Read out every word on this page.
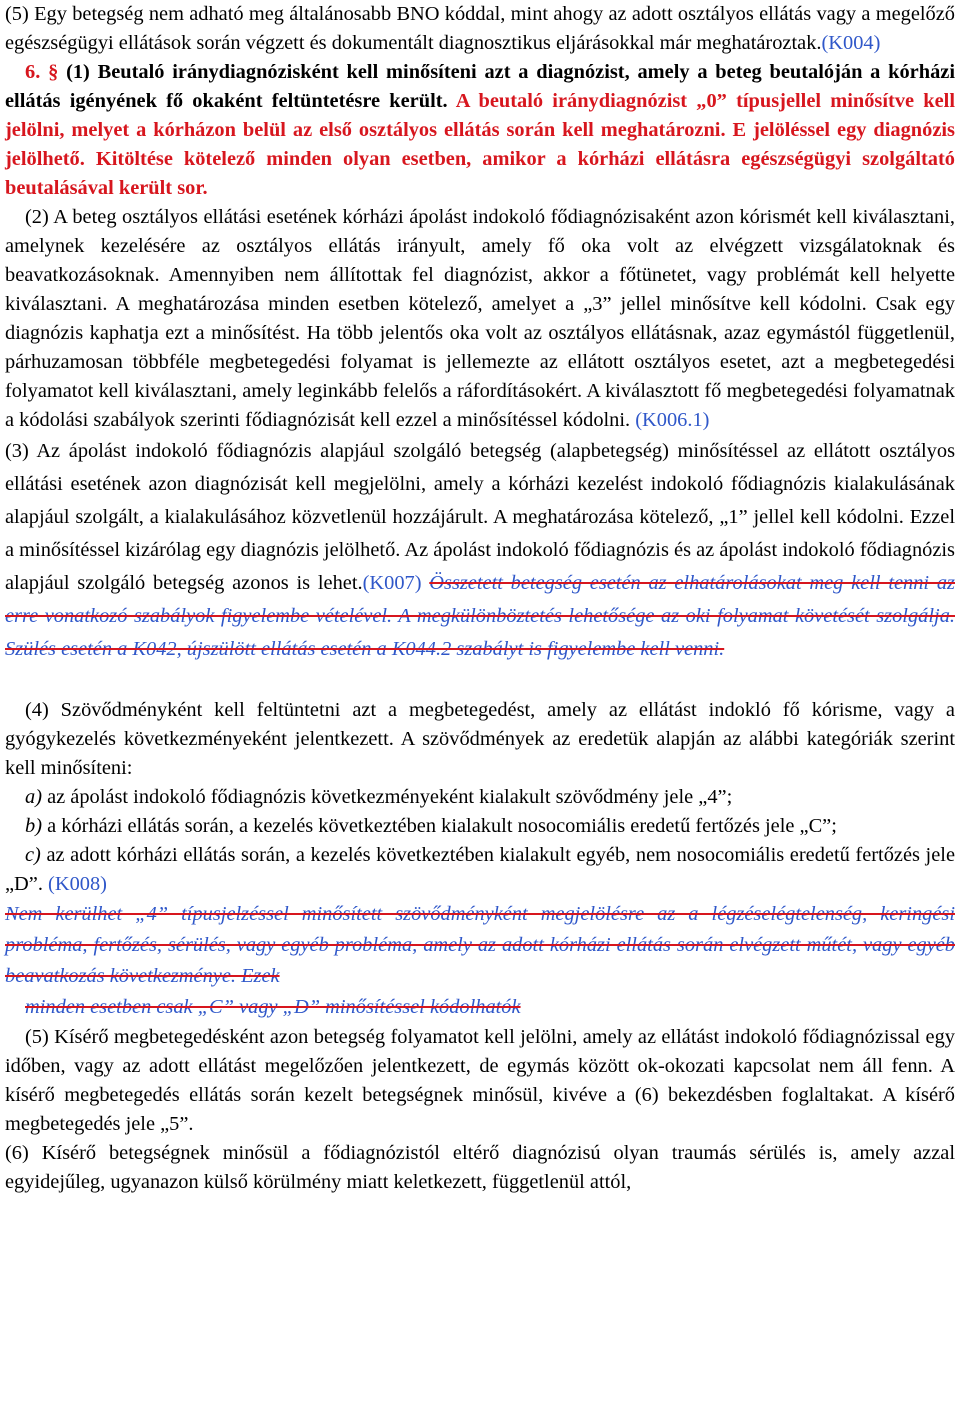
(5) Egy betegség nem adható meg általánosabb BNO kóddal, mint ahogy az adott osztályos ellátás vagy a megelőző egészségügyi ellátások során végzett és dokumentált diagnosztikus eljárásokkal már meghatároztak.(K004)

6. § (1) Beutaló iránydiagnózisként kell minősíteni azt a diagnózist, amely a beteg beutalóján a kórházi ellátás igényének fő okaként feltüntetésre került. A beutaló iránydiagnózist „0” típusjellel minősítve kell jelölni, melyet a kórházon belül az első osztályos ellátás során kell meghatározni. E jelöléssel egy diagnózis jelölhető. Kitöltése kötelező minden olyan esetben, amikor a kórházi ellátásra egészségügyi szolgáltató beutalásával került sor.

(2) A beteg osztályos ellátási esetének kórházi ápolást indokoló fődiagnózisaként azon kórismét kell kiválasztani, amelynek kezelésére az osztályos ellátás irányult, amely fő oka volt az elvégzett vizsgálatoknak és beavatkozásoknak. Amennyiben nem állítottak fel diagnózist, akkor a főtünetet, vagy problémát kell helyette kiválasztani. A meghatározása minden esetben kötelező, amelyet a „3” jellel minősítve kell kódolni. Csak egy diagnózis kaphatja ezt a minősítést. Ha több jelentős oka volt az osztályos ellátásnak, azaz egymástól függetlenül, párhuzamosan többféle megbetegedési folyamat is jellemezte az ellátott osztályos esetet, azt a megbetegedési folyamatot kell kiválasztani, amely leginkább felelős a ráfordításokért. A kiválasztott fő megbetegedési folyamatnak a kódolási szabályok szerinti fődiagnózisát kell ezzel a minősítéssel kódolni. (K006.1)

(3) Az ápolást indokoló fődiagnózis alapjául szolgáló betegség (alapbetegség) minősítéssel az ellátott osztályos ellátási esetének azon diagnózisát kell megjelölni, amely a kórházi kezelést indokoló fődiagnózis kialakulásának alapjául szolgált, a kialakulásához közvetlenül hozzájárult. A meghatározása kötelező, „1” jellel kell kódolni. Ezzel a minősítéssel kizárólag egy diagnózis jelölhető. Az ápolást indokoló fődiagnózis és az ápolást indokoló fődiagnózis alapjául szolgáló betegség azonos is lehet.(K007) Összetett betegség esetén az elhatárolásokat meg kell tenni az erre vonatkozó szabályok figyelembe vételével. A megkülönböztetés lehetősége az oki folyamat követését szolgálja. Szülés esetén a K042, újszülött ellátás esetén a K044.2 szabályt is figyelembe kell venni.

(4) Szövődményként kell feltüntetni azt a megbetegedést, amely az ellátást indokló fő kórisme, vagy a gyógykezelés következményeként jelentkezett. A szövődmények az eredetük alapján az alábbi kategóriák szerint kell minősíteni:

a) az ápolást indokoló fődiagnózis következményeként kialakult szövődmény jele „4”;

b) a kórházi ellátás során, a kezelés következtében kialakult nosocomiális eredetű fertőzés jele „C”;

c) az adott kórházi ellátás során, a kezelés következtében kialakult egyéb, nem nosocomiális eredetű fertőzés jele „D”. (K008)

Nem kerülhet „4” típusjelzéssel minősített szövődményként megjelölésre az a légzéselégtelenség, keringési probléma, fertőzés, sérülés, vagy egyéb probléma, amely az adott kórházi ellátás során elvégzett műtét, vagy egyéb beavatkozás következménye. Ezek

minden esetben csak „C” vagy „D” minősítéssel kódolhatók

(5) Kísérő megbetegedésként azon betegség folyamatot kell jelölni, amely az ellátást indokoló fődiagnózissal egy időben, vagy az adott ellátást megelőzően jelentkezett, de egymás között ok-okozati kapcsolat nem áll fenn. A kísérő megbetegedés ellátás során kezelt betegségnek minősül, kivéve a (6) bekezdésben foglaltakat. A kísérő megbetegedés jele „5”.

(6) Kísérő betegségnek minősül a fődiagnózistól eltérő diagnózisú olyan traumás sérülés is, amely azzal egyidejűleg, ugyanazon külső körülmény miatt keletkezett, függetlenül attól,
